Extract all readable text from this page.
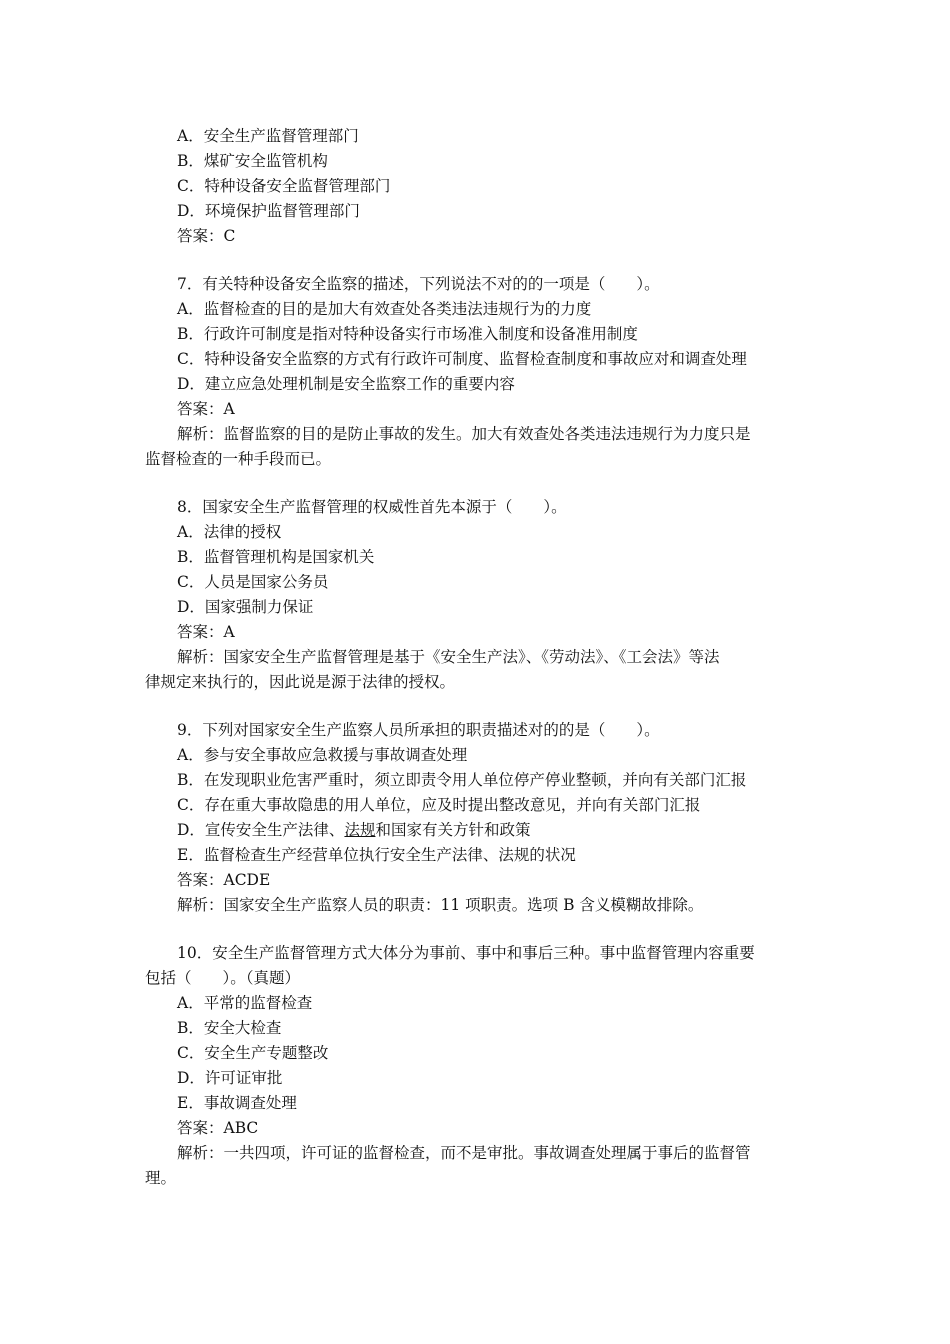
A．安全生产监督管理部门
B．煤矿安全监管机构
C．特种设备安全监督管理部门
D．环境保护监督管理部门
答案：C
7．有关特种设备安全监察的描述，下列说法不对的的一项是（　　）。
A．监督检查的目的是加大有效查处各类违法违规行为的力度
B．行政许可制度是指对特种设备实行市场准入制度和设备准用制度
C．特种设备安全监察的方式有行政许可制度、监督检查制度和事故应对和调查处理
D．建立应急处理机制是安全监察工作的重要内容
答案：A
解析：监督监察的目的是防止事故的发生。加大有效查处各类违法违规行为力度只是
监督检查的一种手段而已。
8．国家安全生产监督管理的权威性首先本源于（　　）。
A．法律的授权
B．监督管理机构是国家机关
C．人员是国家公务员
D．国家强制力保证
答案：A
解析：国家安全生产监督管理是基于《安全生产法》、《劳动法》、《工会法》等法
律规定来执行的，因此说是源于法律的授权。
9．下列对国家安全生产监察人员所承担的职责描述对的的是（　　）。
A．参与安全事故应急救援与事故调查处理
B．在发现职业危害严重时，须立即责令用人单位停产停业整顿，并向有关部门汇报
C．存在重大事故隐患的用人单位，应及时提出整改意见，并向有关部门汇报
D．宣传安全生产法律、法规和国家有关方针和政策
E．监督检查生产经营单位执行安全生产法律、法规的状况
答案：ACDE
解析：国家安全生产监察人员的职责：11 项职责。选项 B 含义模糊故排除。
10．安全生产监督管理方式大体分为事前、事中和事后三种。事中监督管理内容重要
包括（　　）。（真题）
A．平常的监督检查
B．安全大检查
C．安全生产专题整改
D．许可证审批
E．事故调查处理
答案：ABC
解析：一共四项，许可证的监督检查，而不是审批。事故调查处理属于事后的监督管
理。
